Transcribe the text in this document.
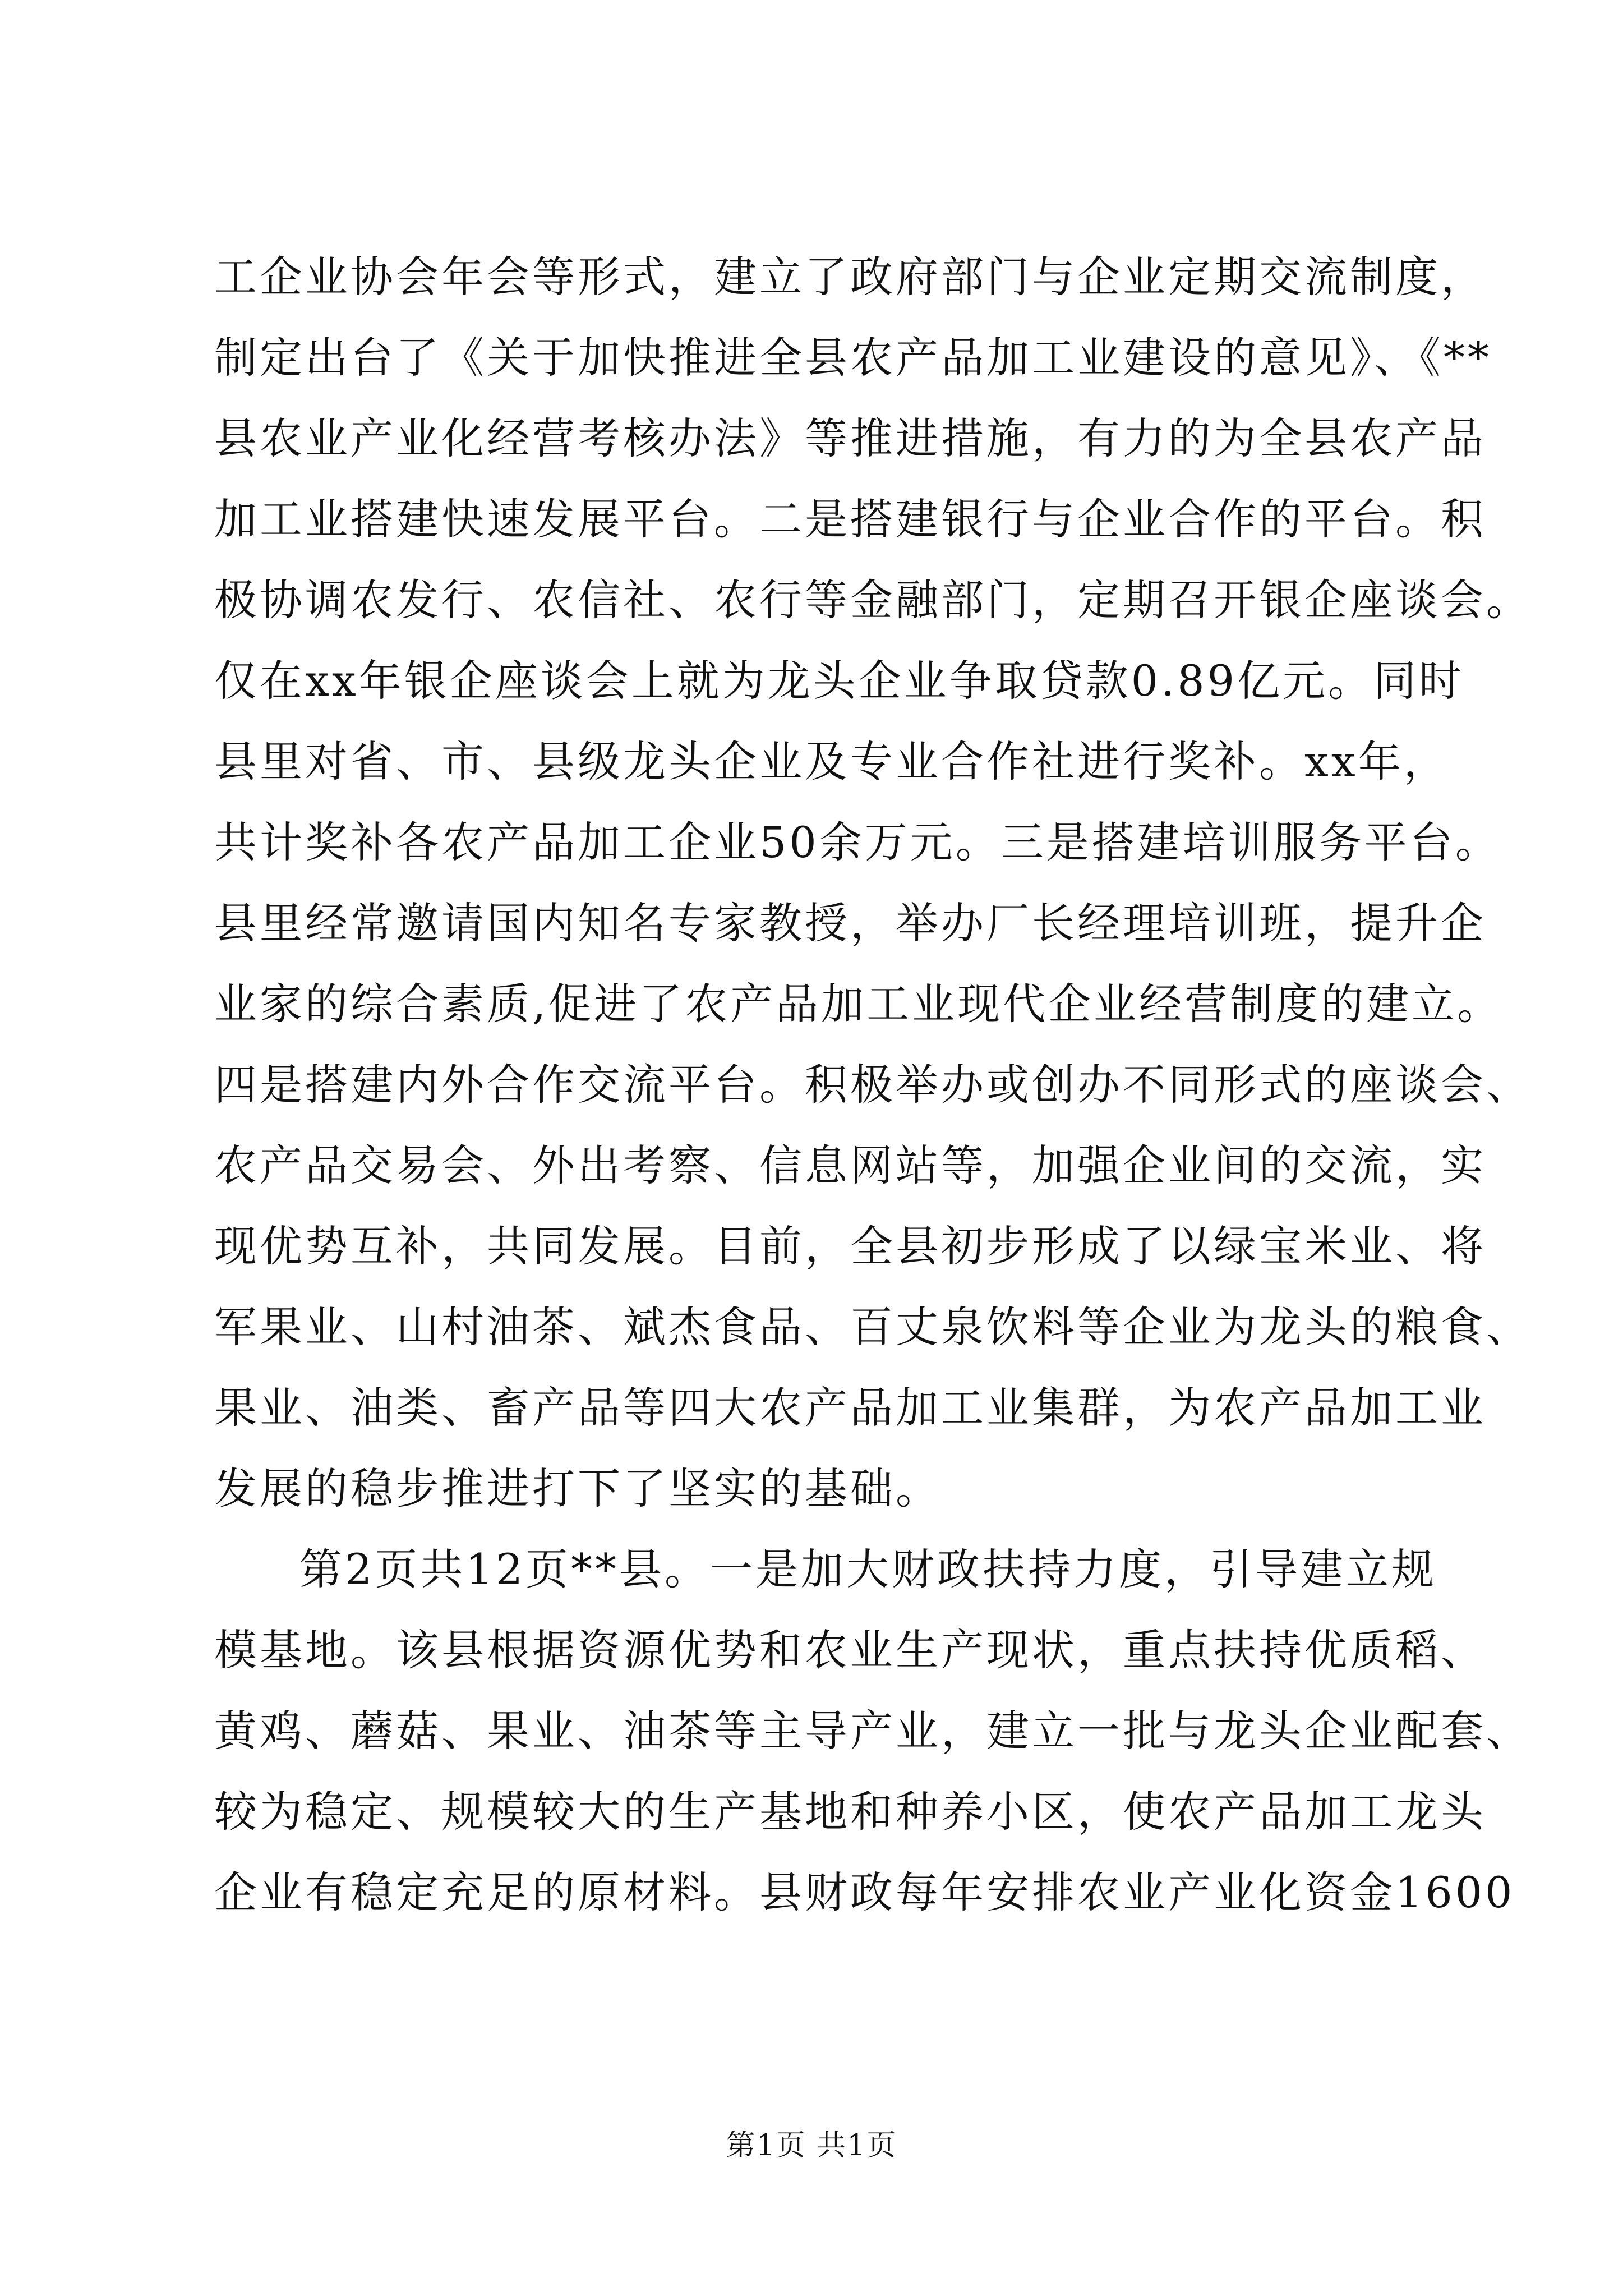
工企业协会年会等形式，建立了政府部门与企业定期交流制度，
制定出台了《关于加快推进全县农产品加工业建设的意见》、《**
县农业产业化经营考核办法》等推进措施，有力的为全县农产品
加工业搭建快速发展平台。二是搭建银行与企业合作的平台。积
极协调农发行、农信社、农行等金融部门，定期召开银企座谈会。
仅在xx年银企座谈会上就为龙头企业争取贷款0.89亿元。同时
县里对省、市、县级龙头企业及专业合作社进行奖补。xx年，
共计奖补各农产品加工企业50余万元。三是搭建培训服务平台。
县里经常邀请国内知名专家教授，举办厂长经理培训班，提升企
业家的综合素质,促进了农产品加工业现代企业经营制度的建立。
四是搭建内外合作交流平台。积极举办或创办不同形式的座谈会、
农产品交易会、外出考察、信息网站等，加强企业间的交流，实
现优势互补，共同发展。目前，全县初步形成了以绿宝米业、将
军果业、山村油茶、斌杰食品、百丈泉饮料等企业为龙头的粮食、
果业、油类、畜产品等四大农产品加工业集群，为农产品加工业
发展的稳步推进打下了坚实的基础。
第2页共12页**县。一是加大财政扶持力度，引导建立规
模基地。该县根据资源优势和农业生产现状，重点扶持优质稻、
黄鸡、蘑菇、果业、油茶等主导产业，建立一批与龙头企业配套、
较为稳定、规模较大的生产基地和种养小区，使农产品加工龙头
企业有稳定充足的原材料。县财政每年安排农业产业化资金1600
第1页 共1页
